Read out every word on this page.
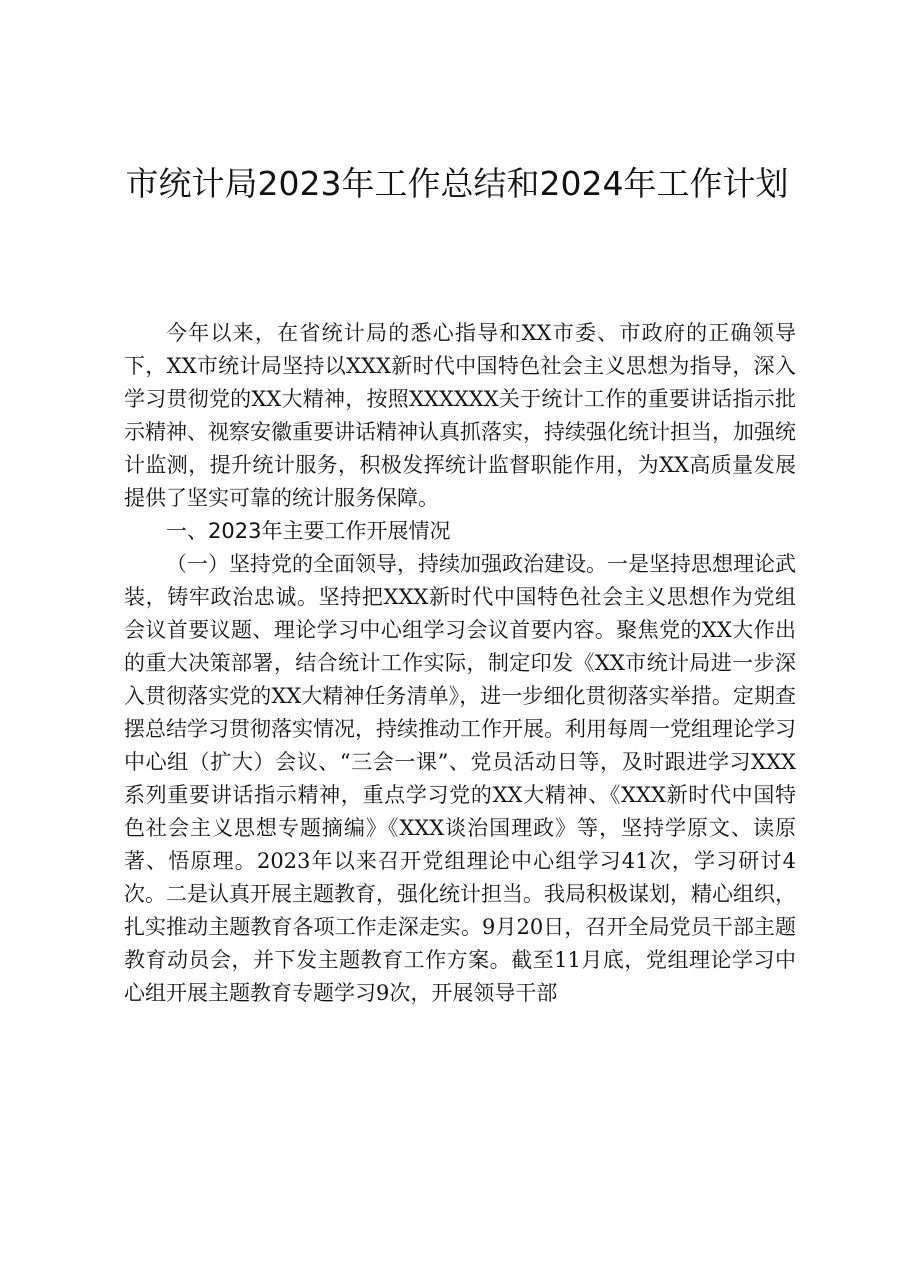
市统计局2023年工作总结和2024年工作计划

今年以来，在省统计局的悉心指导和XX市委、市政府的正确领导下，XX市统计局坚持以XXX新时代中国特色社会主义思想为指导，深入学习贯彻党的XX大精神，按照XXXXXX关于统计工作的重要讲话指示批示精神、视察安徽重要讲话精神认真抓落实，持续强化统计担当，加强统计监测，提升统计服务，积极发挥统计监督职能作用，为XX高质量发展提供了坚实可靠的统计服务保障。

一、2023年主要工作开展情况

（一）坚持党的全面领导，持续加强政治建设。一是坚持思想理论武装，铸牢政治忠诚。坚持把XXX新时代中国特色社会主义思想作为党组会议首要议题、理论学习中心组学习会议首要内容。聚焦党的XX大作出的重大决策部署，结合统计工作实际，制定印发《XX市统计局进一步深入贯彻落实党的XX大精神任务清单》，进一步细化贯彻落实举措。定期查摆总结学习贯彻落实情况，持续推动工作开展。利用每周一党组理论学习中心组（扩大）会议、“三会一课”、党员活动日等，及时跟进学习XXX系列重要讲话指示精神，重点学习党的XX大精神、《XXX新时代中国特色社会主义思想专题摘编》《XXX谈治国理政》等，坚持学原文、读原著、悟原理。2023年以来召开党组理论中心组学习41次，学习研讨4次。二是认真开展主题教育，强化统计担当。我局积极谋划，精心组织，扎实推动主题教育各项工作走深走实。9月20日，召开全局党员干部主题教育动员会，并下发主题教育工作方案。截至11月底，党组理论学习中心组开展主题教育专题学习9次，开展领导干部
